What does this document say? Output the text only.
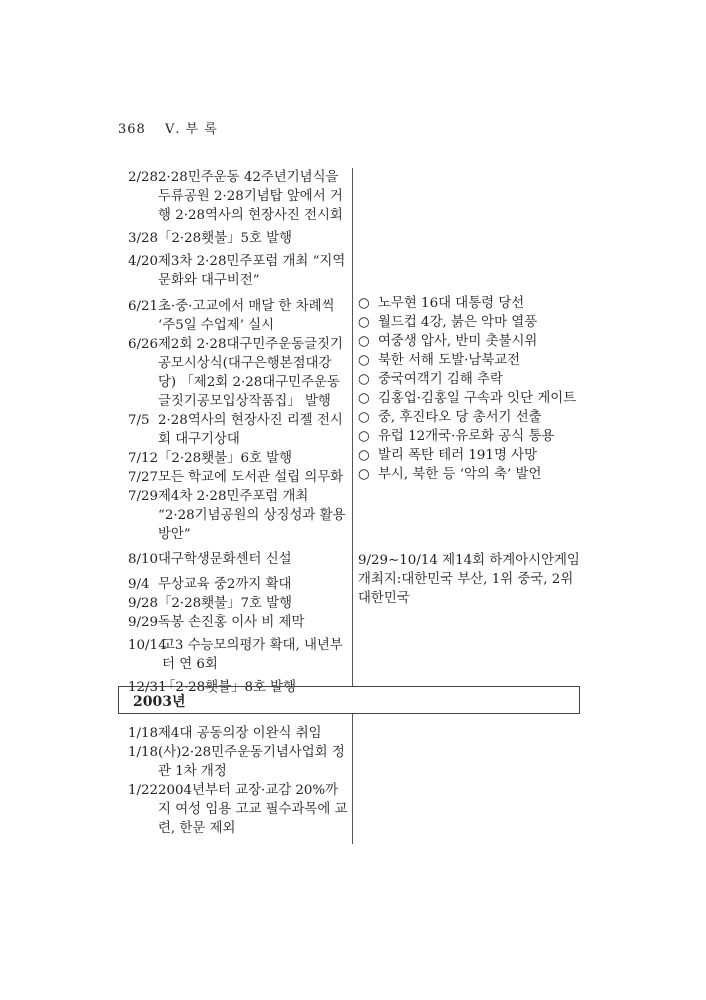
368 Ⅴ. 부 록
2/28 2·28민주운동 42주년기념식을 두류공원 2·28기념탑 앞에서 거행 2·28역사의 현장사진 전시회
3/28 「2·28횃불」5호 발행
4/20 제3차 2·28민주포럼 개최 “지역문화와 대구비전”
6/21 초·중·고교에서 매달 한 차례씩 ‘주5일 수업제’ 실시
6/26 제2회 2·28대구민주운동글짓기공모시상식(대구은행본점대강당) 「제2회 2·28대구민주운동글짓기공모입상작품집」 발행
7/5 2·28역사의 현장사진 리젤 전시회 대구기상대
7/12 「2·28횃불」6호 발행
7/27 모든 학교에 도서관 설립 의무화
7/29 제4차 2·28민주포럼 개최 “2·28기념공원의 상징성과 활용방안”
8/10 대구학생문화센터 신설
9/4 무상교육 중2까지 확대
9/28 「2·28횃불」7호 발행
9/29 독봉 손진홍 이사 비 제막
10/14
고3 수능모의평가 확대, 내년부터 연 6회
12/31
「2·28횃불」8호 발행
○ 노무현 16대 대통령 당선
○ 월드컵 4강, 붉은 악마 열풍
○ 여중생 압사, 반미 촛불시위
○ 북한 서해 도발·남북교전
○ 중국여객기 김해 추락
○ 김홍업·김홍일 구속과 잇단 게이트
○ 중, 후진타오 당 총서기 선출
○ 유럽 12개국·유로화 공식 통용
○ 발리 폭탄 테러 191명 사망
○ 부시, 북한 등 ‘악의 축’ 발언
9/29∼10/14 제14회 하계아시안게임 개최지:대한민국 부산, 1위 중국, 2위 대한민국
2003년
1/18 제4대 공동의장 이완식 취임
1/18 (사)2·28민주운동기념사업회 정관 1차 개정
1/22 2004년부터 교장·교감 20%까지 여성 임용 고교 필수과목에 교련, 한문 제외
